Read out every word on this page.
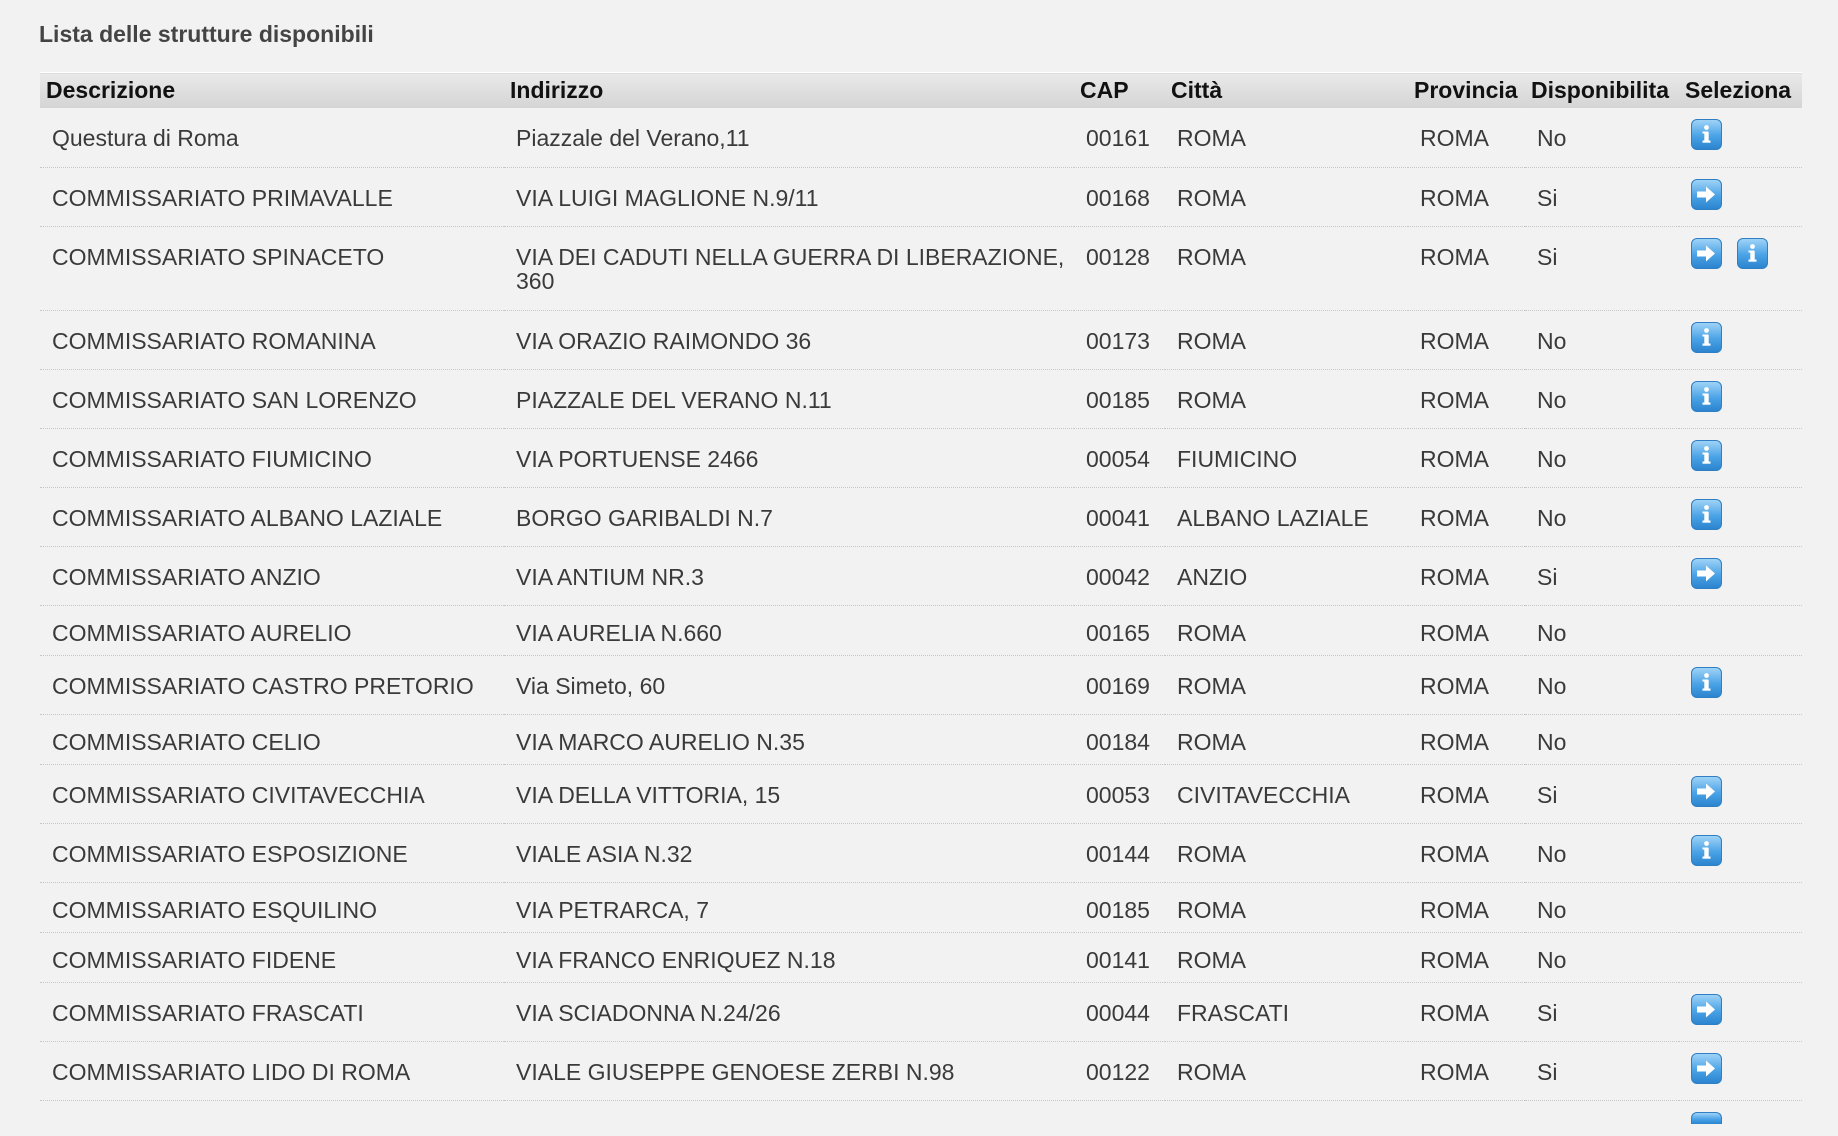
Lista delle strutture disponibili
Descrizione	Indirizzo	CAP	Città	Provincia	Disponibilita	Seleziona
Questura di Roma	Piazzale del Verano,11	00161	ROMA	ROMA	No	

COMMISSARIATO PRIMAVALLE	VIA LUIGI MAGLIONE N.9/11	00168	ROMA	ROMA	Si	

COMMISSARIATO SPINACETO	VIA DEI CADUTI NELLA GUERRA DI LIBERAZIONE, 360	00128	ROMA	ROMA	Si	

COMMISSARIATO ROMANINA	VIA ORAZIO RAIMONDO 36	00173	ROMA	ROMA	No	

COMMISSARIATO SAN LORENZO	PIAZZALE DEL VERANO N.11	00185	ROMA	ROMA	No	

COMMISSARIATO FIUMICINO	VIA PORTUENSE 2466	00054	FIUMICINO	ROMA	No	

COMMISSARIATO ALBANO LAZIALE	BORGO GARIBALDI N.7	00041	ALBANO LAZIALE	ROMA	No	

COMMISSARIATO ANZIO	VIA ANTIUM NR.3	00042	ANZIO	ROMA	Si	

COMMISSARIATO AURELIO	VIA AURELIA N.660	00165	ROMA	ROMA	No	
COMMISSARIATO CASTRO PRETORIO	Via Simeto, 60	00169	ROMA	ROMA	No	

COMMISSARIATO CELIO	VIA MARCO AURELIO N.35	00184	ROMA	ROMA	No	
COMMISSARIATO CIVITAVECCHIA	VIA DELLA VITTORIA, 15	00053	CIVITAVECCHIA	ROMA	Si	

COMMISSARIATO ESPOSIZIONE	VIALE ASIA N.32	00144	ROMA	ROMA	No	

COMMISSARIATO ESQUILINO	VIA PETRARCA, 7	00185	ROMA	ROMA	No	
COMMISSARIATO FIDENE	VIA FRANCO ENRIQUEZ N.18	00141	ROMA	ROMA	No	
COMMISSARIATO FRASCATI	VIA SCIADONNA N.24/26	00044	FRASCATI	ROMA	Si	

COMMISSARIATO LIDO DI ROMA	VIALE GIUSEPPE GENOESE ZERBI N.98	00122	ROMA	ROMA	Si	
